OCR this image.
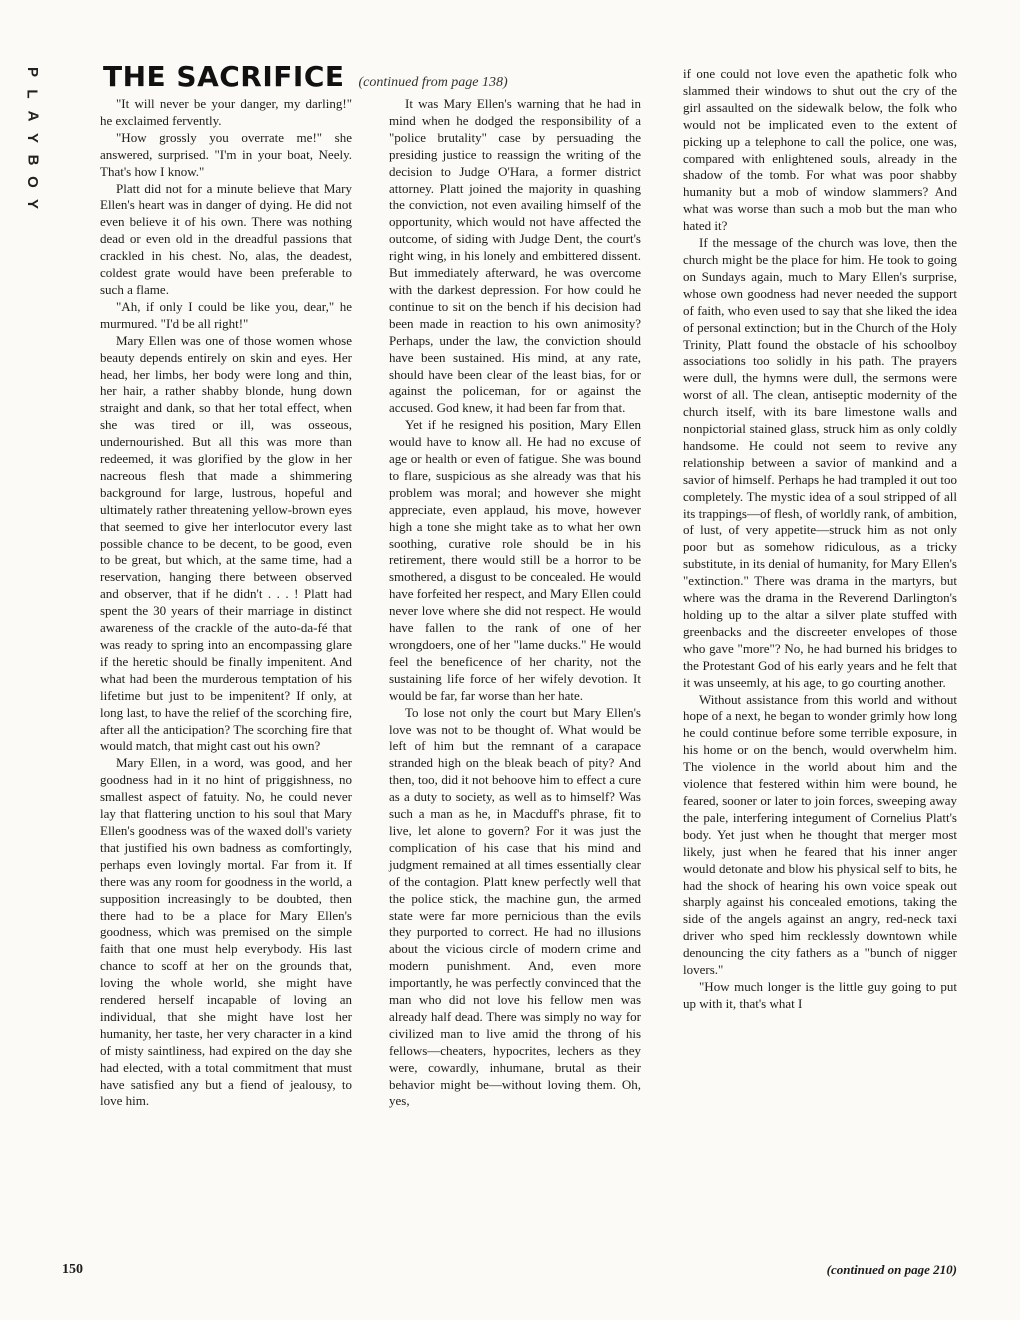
P
L
A
Y
B
O
Y
THE SACRIFICE (continued from page 138)

"It will never be your danger, my darling!" he exclaimed fervently.

"How grossly you overrate me!" she answered, surprised. "I'm in your boat, Neely. That's how I know."

Platt did not for a minute believe that Mary Ellen's heart was in danger of dying. He did not even believe it of his own. There was nothing dead or even old in the dreadful passions that crackled in his chest. No, alas, the deadest, coldest grate would have been preferable to such a flame.

"Ah, if only I could be like you, dear," he murmured. "I'd be all right!"

Mary Ellen was one of those women whose beauty depends entirely on skin and eyes. Her head, her limbs, her body were long and thin, her hair, a rather shabby blonde, hung down straight and dank, so that her total effect, when she was tired or ill, was osseous, undernourished. But all this was more than redeemed, it was glorified by the glow in her nacreous flesh that made a shimmering background for large, lustrous, hopeful and ultimately rather threatening yellow-brown eyes that seemed to give her interlocutor every last possible chance to be decent, to be good, even to be great, but which, at the same time, had a reservation, hanging there between observed and observer, that if he didn't . . . ! Platt had spent the 30 years of their marriage in distinct awareness of the crackle of the auto-da-fé that was ready to spring into an encompassing glare if the heretic should be finally impenitent. And what had been the murderous temptation of his lifetime but just to be impenitent? If only, at long last, to have the relief of the scorching fire, after all the anticipation? The scorching fire that would match, that might cast out his own?

Mary Ellen, in a word, was good, and her goodness had in it no hint of priggishness, no smallest aspect of fatuity. No, he could never lay that flattering unction to his soul that Mary Ellen's goodness was of the waxed doll's variety that justified his own badness as comfortingly, perhaps even lovingly mortal. Far from it. If there was any room for goodness in the world, a supposition increasingly to be doubted, then there had to be a place for Mary Ellen's goodness, which was premised on the simple faith that one must help everybody. His last chance to scoff at her on the grounds that, loving the whole world, she might have rendered herself incapable of loving an individual, that she might have lost her humanity, her taste, her very character in a kind of misty saintliness, had expired on the day she had elected, with a total commitment that must have satisfied any but a fiend of jealousy, to love him.

It was Mary Ellen's warning that he had in mind when he dodged the responsibility of a "police brutality" case by persuading the presiding justice to reassign the writing of the decision to Judge O'Hara, a former district attorney. Platt joined the majority in quashing the conviction, not even availing himself of the opportunity, which would not have affected the outcome, of siding with Judge Dent, the court's right wing, in his lonely and embittered dissent. But immediately afterward, he was overcome with the darkest depression. For how could he continue to sit on the bench if his decision had been made in reaction to his own animosity? Perhaps, under the law, the conviction should have been sustained. His mind, at any rate, should have been clear of the least bias, for or against the policeman, for or against the accused. God knew, it had been far from that.

Yet if he resigned his position, Mary Ellen would have to know all. He had no excuse of age or health or even of fatigue. She was bound to flare, suspicious as she already was that his problem was moral; and however she might appreciate, even applaud, his move, however high a tone she might take as to what her own soothing, curative role should be in his retirement, there would still be a horror to be smothered, a disgust to be concealed. He would have forfeited her respect, and Mary Ellen could never love where she did not respect. He would have fallen to the rank of one of her wrongdoers, one of her "lame ducks." He would feel the beneficence of her charity, not the sustaining life force of her wifely devotion. It would be far, far worse than her hate.

To lose not only the court but Mary Ellen's love was not to be thought of. What would be left of him but the remnant of a carapace stranded high on the bleak beach of pity? And then, too, did it not behoove him to effect a cure as a duty to society, as well as to himself? Was such a man as he, in Macduff's phrase, fit to live, let alone to govern? For it was just the complication of his case that his mind and judgment remained at all times essentially clear of the contagion. Platt knew perfectly well that the police stick, the machine gun, the armed state were far more pernicious than the evils they purported to correct. He had no illusions about the vicious circle of modern crime and modern punishment. And, even more importantly, he was perfectly convinced that the man who did not love his fellow men was already half dead. There was simply no way for civilized man to live amid the throng of his fellows—cheaters, hypocrites, lechers as they were, cowardly, inhumane, brutal as their behavior might be—without loving them. Oh, yes,

if one could not love even the apathetic folk who slammed their windows to shut out the cry of the girl assaulted on the sidewalk below, the folk who would not be implicated even to the extent of picking up a telephone to call the police, one was, compared with enlightened souls, already in the shadow of the tomb. For what was poor shabby humanity but a mob of window slammers? And what was worse than such a mob but the man who hated it?

If the message of the church was love, then the church might be the place for him. He took to going on Sundays again, much to Mary Ellen's surprise, whose own goodness had never needed the support of faith, who even used to say that she liked the idea of personal extinction; but in the Church of the Holy Trinity, Platt found the obstacle of his schoolboy associations too solidly in his path. The prayers were dull, the hymns were dull, the sermons were worst of all. The clean, antiseptic modernity of the church itself, with its bare limestone walls and nonpictorial stained glass, struck him as only coldly handsome. He could not seem to revive any relationship between a savior of mankind and a savior of himself. Perhaps he had trampled it out too completely. The mystic idea of a soul stripped of all its trappings—of flesh, of worldly rank, of ambition, of lust, of very appetite—struck him as not only poor but as somehow ridiculous, as a tricky substitute, in its denial of humanity, for Mary Ellen's "extinction." There was drama in the martyrs, but where was the drama in the Reverend Darlington's holding up to the altar a silver plate stuffed with greenbacks and the discreeter envelopes of those who gave "more"? No, he had burned his bridges to the Protestant God of his early years and he felt that it was unseemly, at his age, to go courting another.

Without assistance from this world and without hope of a next, he began to wonder grimly how long he could continue before some terrible exposure, in his home or on the bench, would overwhelm him. The violence in the world about him and the violence that festered within him were bound, he feared, sooner or later to join forces, sweeping away the pale, interfering integument of Cornelius Platt's body. Yet just when he thought that merger most likely, just when he feared that his inner anger would detonate and blow his physical self to bits, he had the shock of hearing his own voice speak out sharply against his concealed emotions, taking the side of the angels against an angry, red-neck taxi driver who sped him recklessly downtown while denouncing the city fathers as a "bunch of nigger lovers."

"How much longer is the little guy going to put up with it, that's what I

(continued on page 210)
150
